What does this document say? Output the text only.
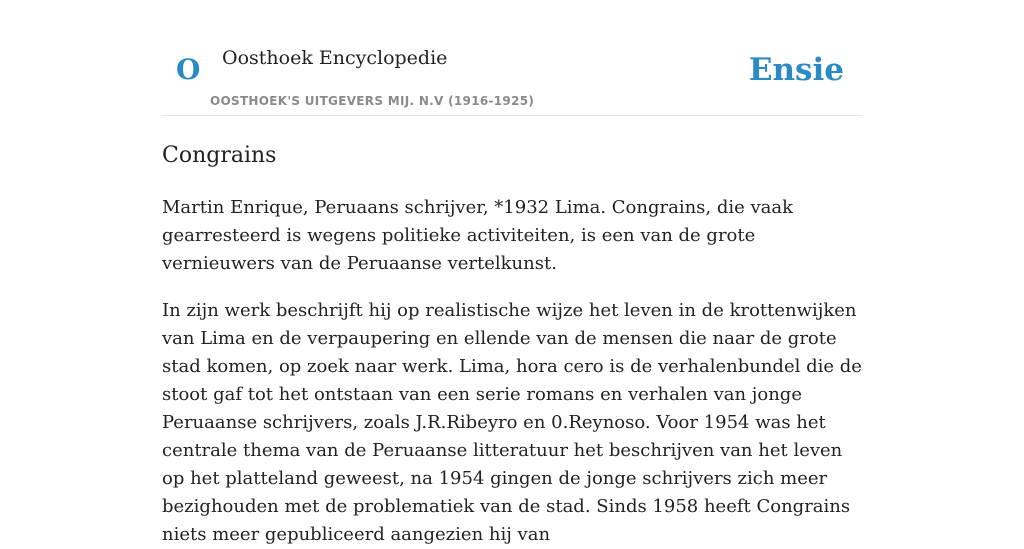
O Oosthoek Encyclopedie
OOSTHOEK'S UITGEVERS MIJ. N.V (1916-1925)
Ensie
Congrains

Martin Enrique, Peruaans schrijver, *1932 Lima. Congrains, die vaak gearresteerd is wegens politieke activiteiten, is een van de grote vernieuwers van de Peruaanse vertelkunst.

In zijn werk beschrijft hij op realistische wijze het leven in de krottenwijken van Lima en de verpaupering en ellende van de mensen die naar de grote stad komen, op zoek naar werk. Lima, hora cero is de verhalenbundel die de stoot gaf tot het ontstaan van een serie romans en verhalen van jonge Peruaanse schrijvers, zoals J.R.Ribeyro en 0.Reynoso. Voor 1954 was het centrale thema van de Peruaanse litteratuur het beschrijven van het leven op het platteland geweest, na 1954 gingen de jonge schrijvers zich meer bezighouden met de problematiek van de stad. Sinds 1958 heeft Congrains niets meer gepubliceerd aangezien hij van
